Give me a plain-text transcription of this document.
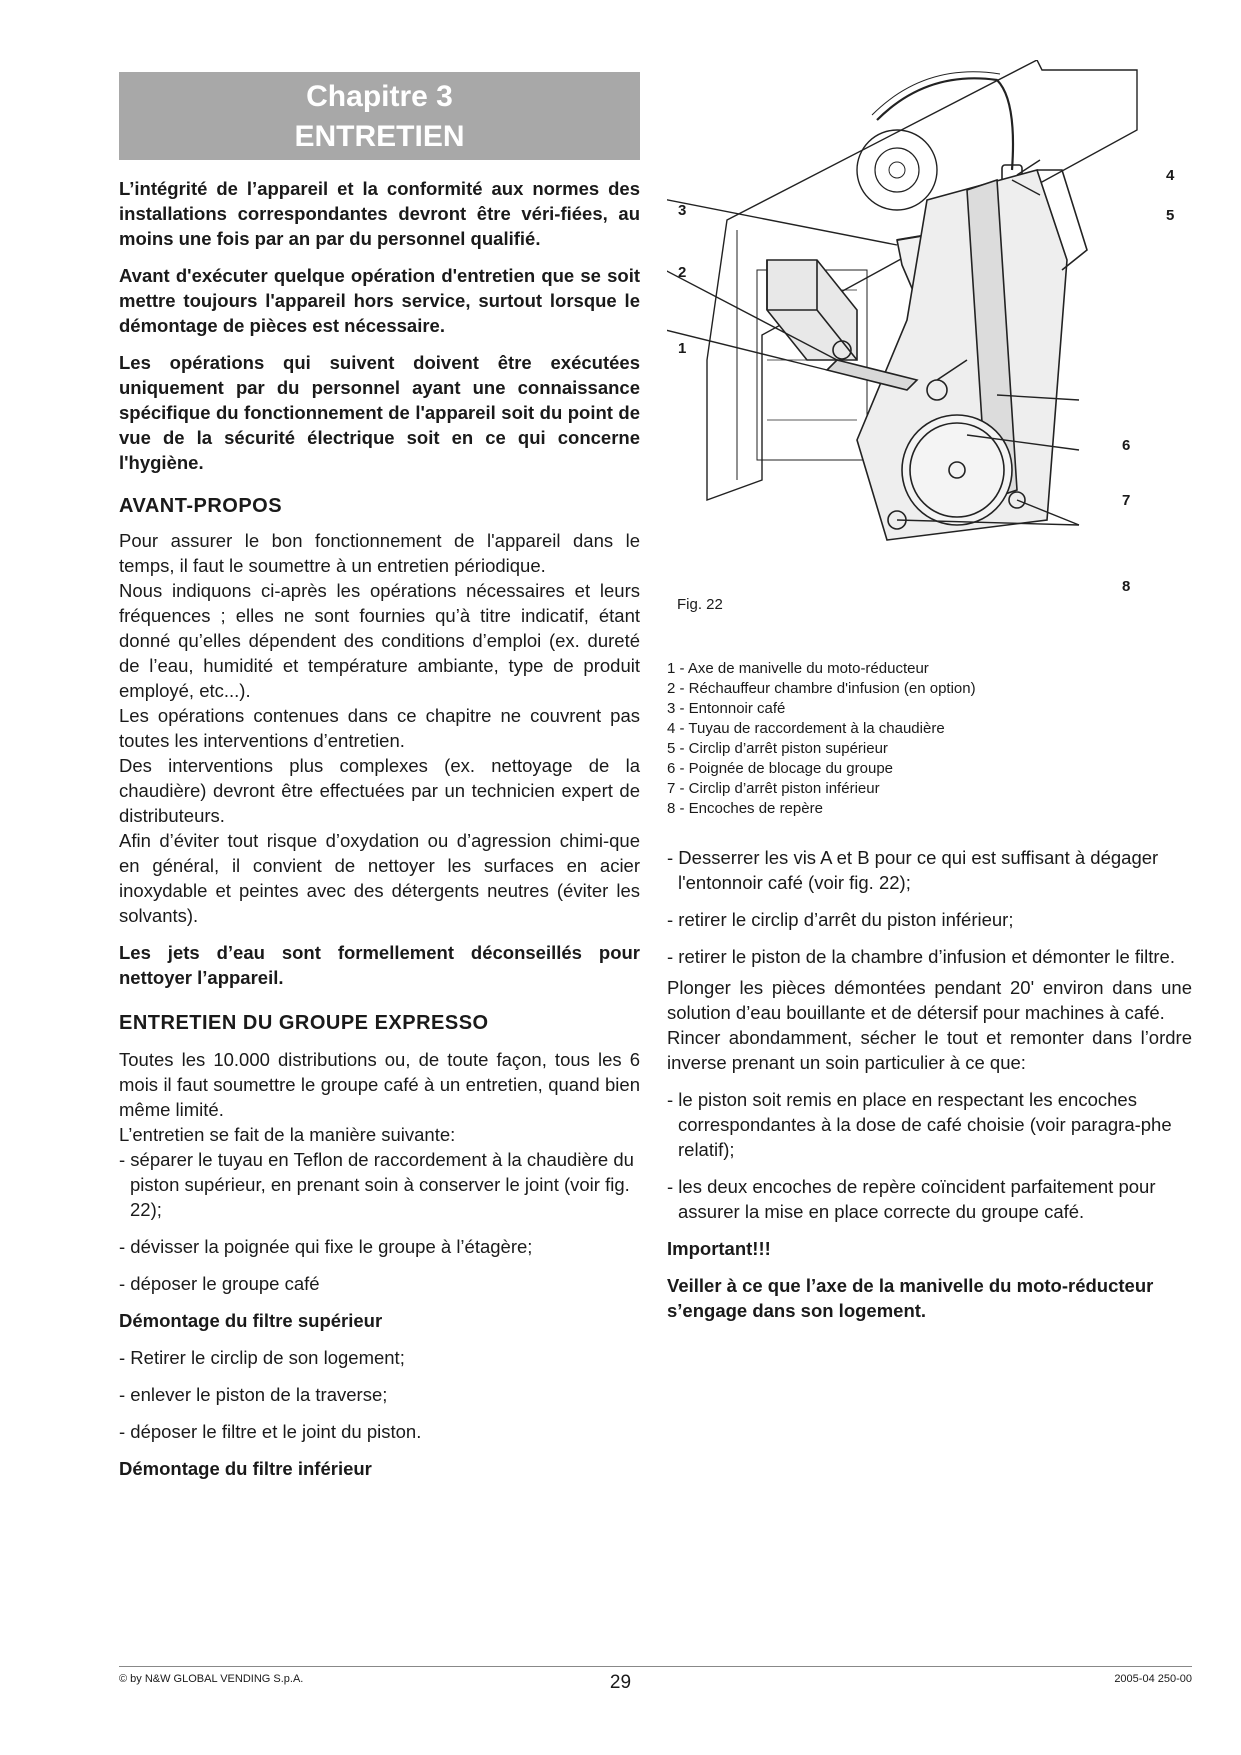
Chapitre 3
ENTRETIEN

L’intégrité de l’appareil et la conformité aux normes des installations correspondantes devront être véri-fiées, au moins une fois par an par du personnel qualifié.

Avant d'exécuter quelque opération d'entretien que se soit mettre toujours l'appareil hors service, surtout lorsque le démontage de pièces est nécessaire.

Les opérations qui suivent doivent être exécutées uniquement par du personnel ayant une connaissance spécifique du fonctionnement de l'appareil soit du point de vue de la sécurité électrique soit en ce qui concerne l'hygiène.

AVANT-PROPOS

Pour assurer le bon fonctionnement de l'appareil dans le temps, il faut le soumettre à un entretien périodique.

Nous indiquons ci-après les opérations nécessaires et leurs fréquences ; elles ne sont fournies qu’à titre indicatif, étant donné qu’elles dépendent des conditions d’emploi (ex. dureté de l’eau, humidité et température ambiante, type de produit employé, etc...).

Les opérations contenues dans ce chapitre ne couvrent pas toutes les interventions d’entretien.

Des interventions plus complexes (ex. nettoyage de la chaudière) devront être effectuées par un technicien expert de distributeurs.

Afin d’éviter tout risque d’oxydation ou d’agression chimi-que en général, il convient de nettoyer les surfaces en acier inoxydable et peintes avec des détergents neutres (éviter les solvants).

Les jets d’eau sont formellement déconseillés pour nettoyer l’appareil.

ENTRETIEN DU GROUPE EXPRESSO

Toutes les 10.000 distributions ou, de toute façon, tous les 6 mois il faut soumettre le groupe café à un entretien, quand bien même limité.

L’entretien se fait de la manière suivante:

- séparer le tuyau en Teflon de raccordement à la chaudière du piston supérieur, en prenant soin à conserver le joint (voir fig. 22);

- dévisser la poignée qui fixe le groupe à l’étagère;

- déposer le groupe café

Démontage du filtre supérieur

- Retirer le circlip de son logement;

- enlever le piston de la traverse;

- déposer le filtre et le joint du piston.

Démontage du filtre inférieur

1
2
3
4
5
6
7
8
Fig. 22
1 - Axe de manivelle du moto-réducteur
2 - Réchauffeur chambre d'infusion (en option)
3 - Entonnoir café
4 - Tuyau de raccordement à la chaudière
5 - Circlip d’arrêt piston supérieur
6 - Poignée de blocage du groupe
7 - Circlip d’arrêt piston inférieur
8 - Encoches de repère

- Desserrer les vis A et B pour ce qui est suffisant à dégager l'entonnoir café (voir fig. 22);

- retirer le circlip d’arrêt du piston inférieur;

- retirer le piston de la chambre d’infusion et démonter le filtre.

Plonger les pièces démontées pendant 20' environ dans une solution d’eau bouillante et de détersif pour machines à café.

Rincer abondamment, sécher le tout et remonter dans l’ordre inverse prenant un soin particulier à ce que:

- le piston soit remis en place en respectant les encoches correspondantes à la dose de café choisie (voir paragra-phe relatif);

- les deux encoches de repère coïncident parfaitement pour assurer la mise en place correcte du groupe café.

Important!!!

Veiller à ce que l’axe de la manivelle du moto-réducteur s’engage dans son logement.

© by N&W GLOBAL VENDING S.p.A.	29	2005-04 250-00
